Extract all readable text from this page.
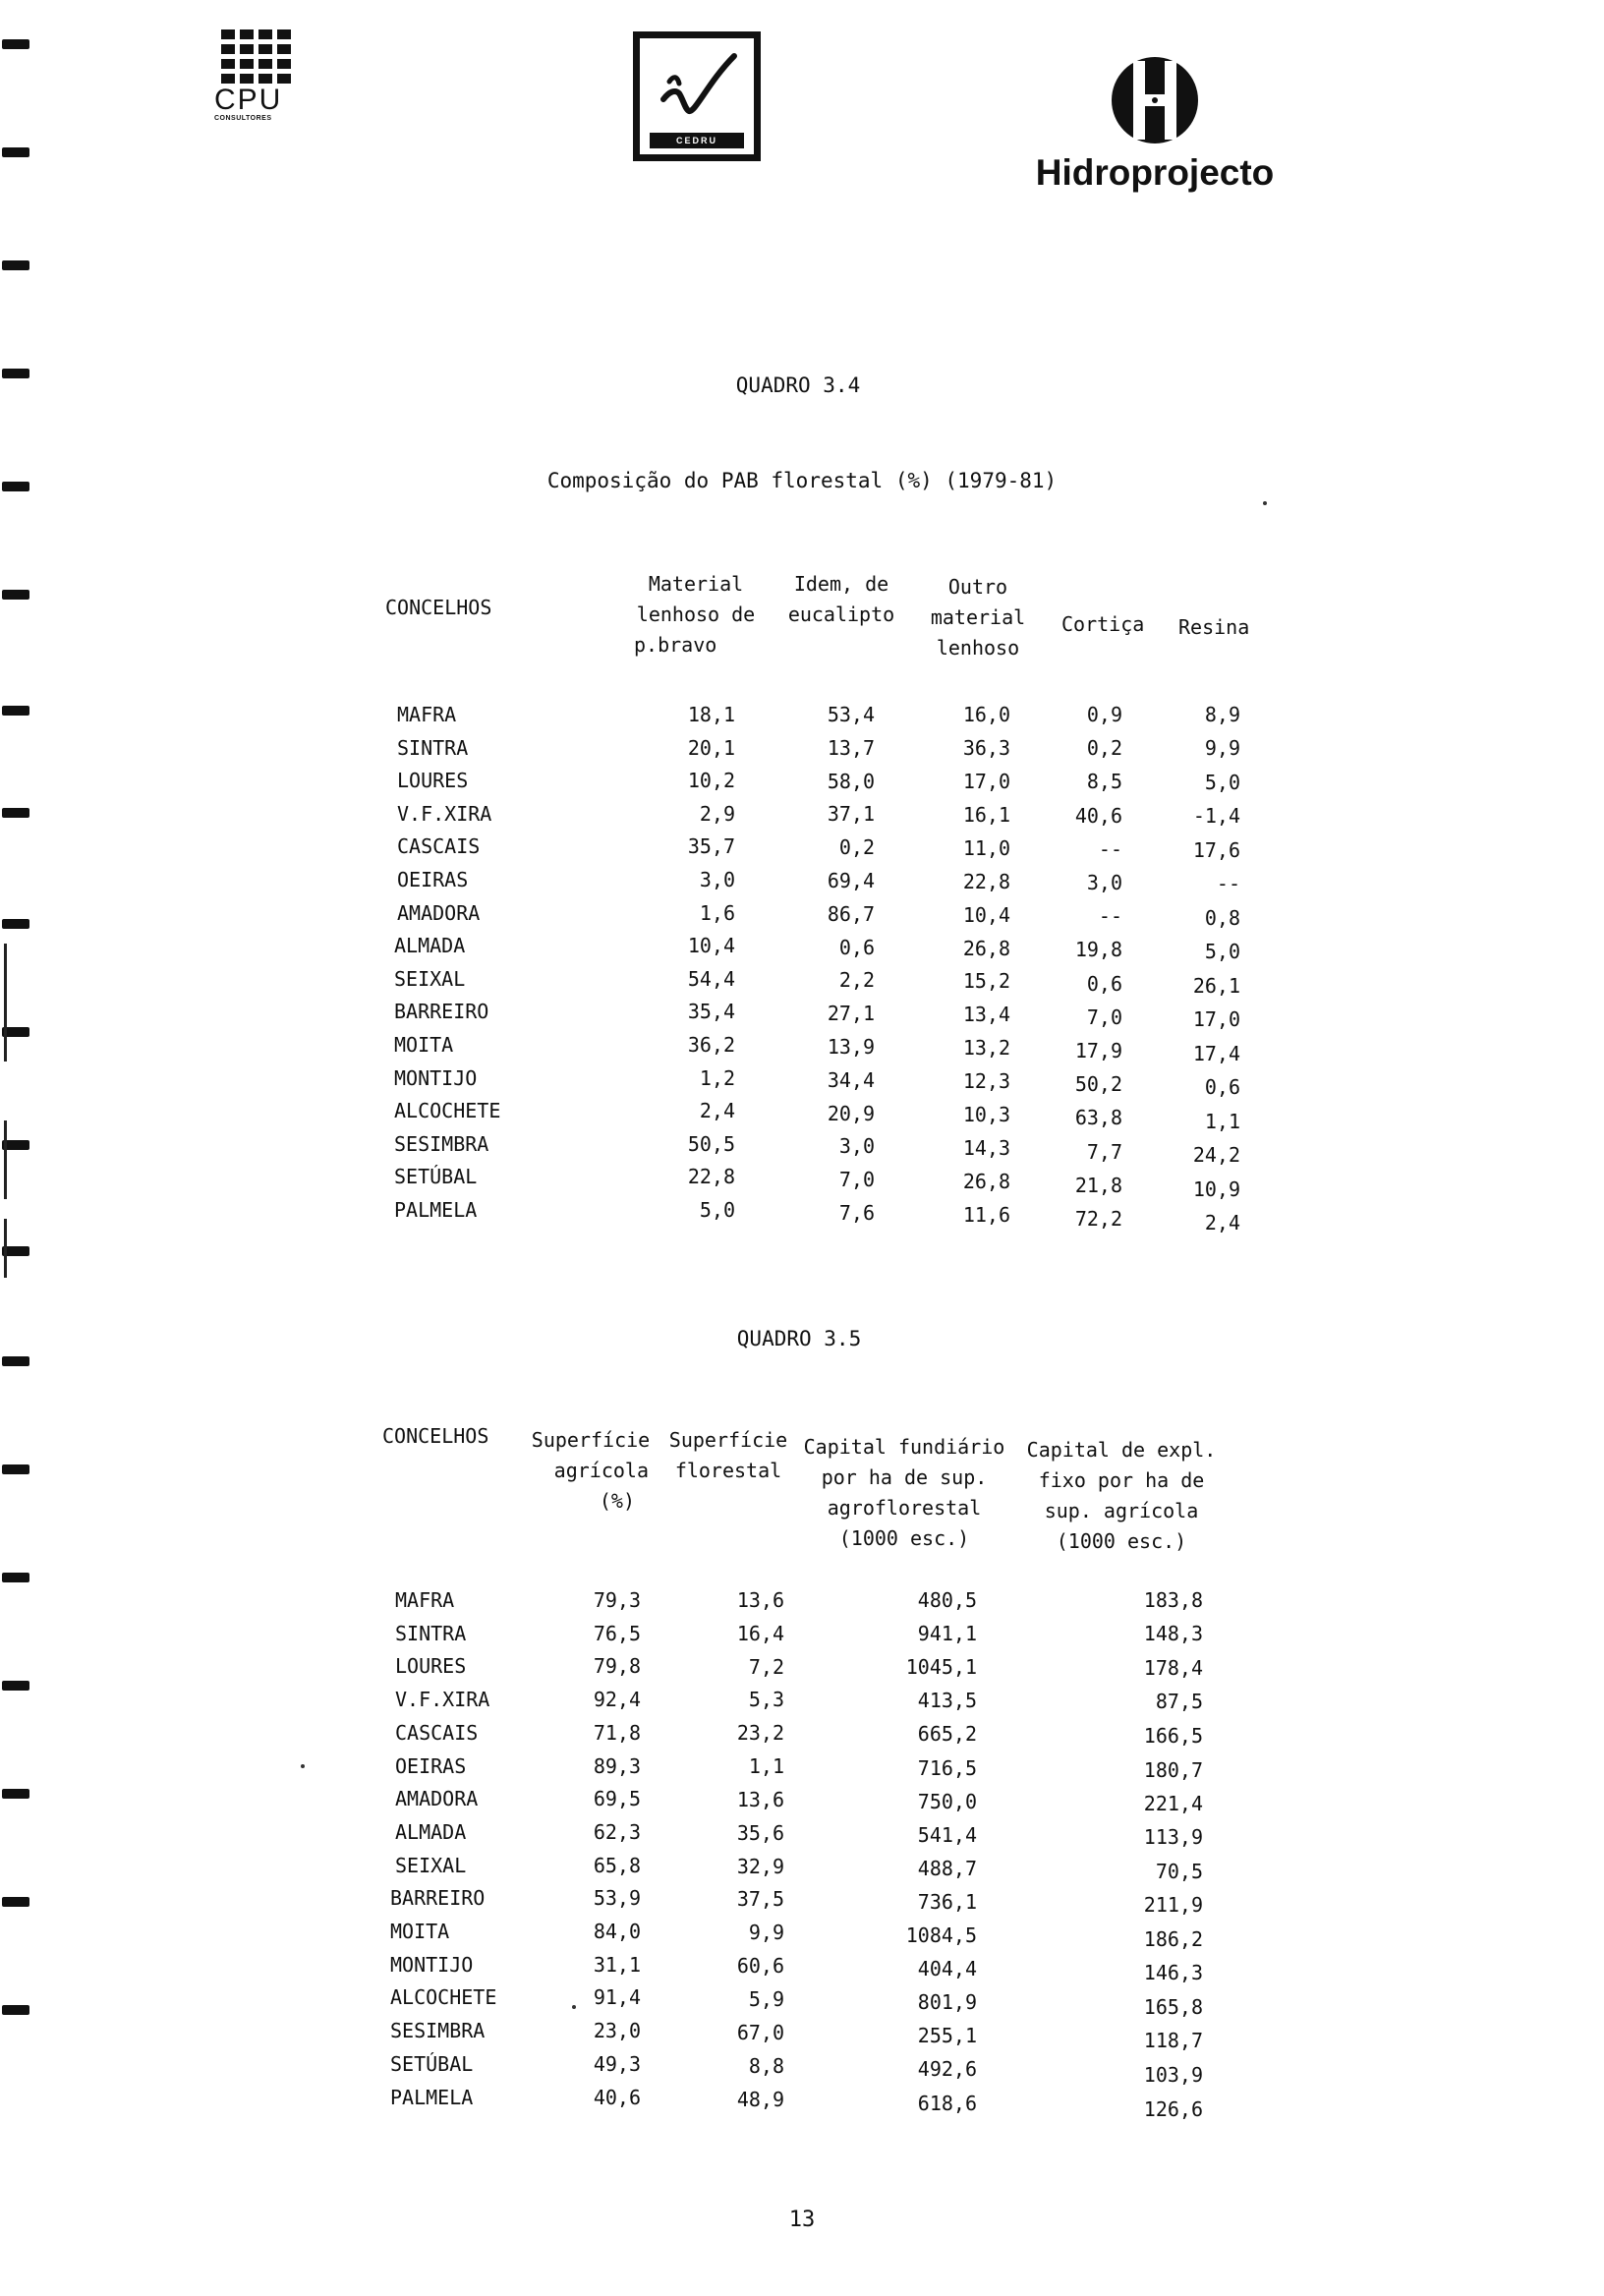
CPU
CONSULTORES
CEDRU
Hidroprojecto
QUADRO 3.4
Composição do PAB florestal (%) (1979-81)
CONCELHOS
Material
lenhoso de
p.bravo
Idem, de
eucalipto
Outro
material
lenhoso
Cortiça Resina
MAFRA	18,1	53,4	16,0	0,9	8,9
SINTRA	20,1	13,7	36,3	0,2	9,9
LOURES	10,2	58,0	17,0	8,5	5,0
V.F.XIRA	2,9	37,1	16,1	40,6	-1,4
CASCAIS	35,7	0,2	11,0	--	17,6
OEIRAS	3,0	69,4	22,8	3,0	--
AMADORA	1,6	86,7	10,4	--	0,8
ALMADA	10,4	0,6	26,8	19,8	5,0
SEIXAL	54,4	2,2	15,2	0,6	26,1
BARREIRO	35,4	27,1	13,4	7,0	17,0
MOITA	36,2	13,9	13,2	17,9	17,4
MONTIJO	1,2	34,4	12,3	50,2	0,6
ALCOCHETE	2,4	20,9	10,3	63,8	1,1
SESIMBRA	50,5	3,0	14,3	7,7	24,2
SETÚBAL	22,8	7,0	26,8	21,8	10,9
PALMELA	5,0	7,6	11,6	72,2	2,4
QUADRO 3.5
CONCELHOS Superfície
agrícola
(%)
Superfície
florestal
Capital fundiário
por ha de sup.
agroflorestal
(1000 esc.)
Capital de expl.
fixo por ha de
sup. agrícola
(1000 esc.)
MAFRA	79,3	13,6	480,5	183,8
SINTRA	76,5	16,4	941,1	148,3
LOURES	79,8	7,2	1045,1	178,4
V.F.XIRA	92,4	5,3	413,5	87,5
CASCAIS	71,8	23,2	665,2	166,5
OEIRAS	89,3	1,1	716,5	180,7
AMADORA	69,5	13,6	750,0	221,4
ALMADA	62,3	35,6	541,4	113,9
SEIXAL	65,8	32,9	488,7	70,5
BARREIRO	53,9	37,5	736,1	211,9
MOITA	84,0	9,9	1084,5	186,2
MONTIJO	31,1	60,6	404,4	146,3
ALCOCHETE	91,4	5,9	801,9	165,8
SESIMBRA	23,0	67,0	255,1	118,7
SETÚBAL	49,3	8,8	492,6	103,9
PALMELA	40,6	48,9	618,6	126,6
13
